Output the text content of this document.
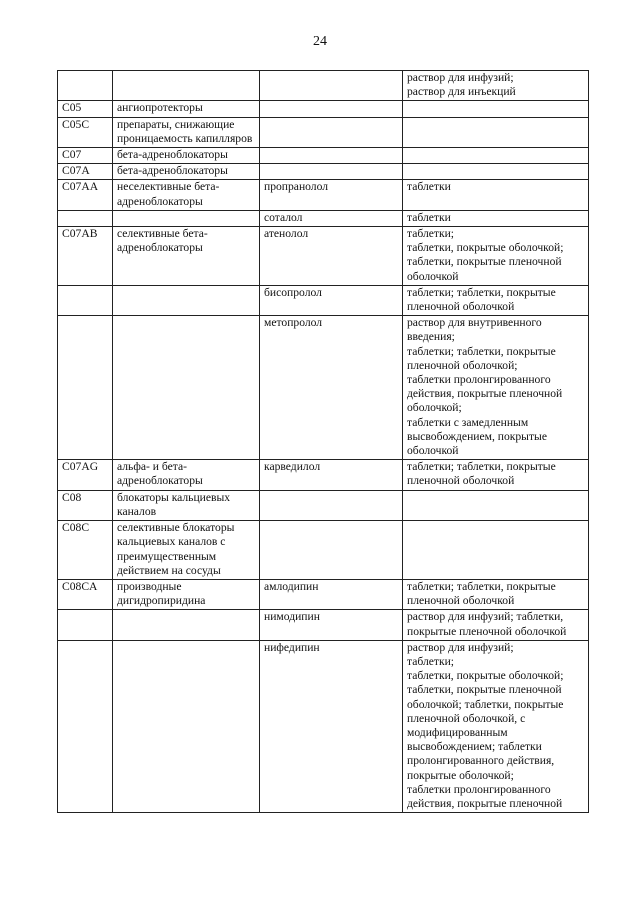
24

			раствор для инфузий;
раствор для инъекций

C05	ангиопротекторы		
C05C	препараты, снижающие проницаемость капилляров		
C07	бета-адреноблокаторы		
C07A	бета-адреноблокаторы		
C07AA	неселективные бета-адреноблокаторы	пропранолол	таблетки

		соталол	таблетки

C07AB	селективные бета-адреноблокаторы	атенолол	таблетки;
таблетки, покрытые оболочкой;
таблетки, покрытые пленочной оболочкой

		бисопролол	таблетки; таблетки, покрытые пленочной оболочкой

		метопролол	раствор для внутривенного введения;
таблетки; таблетки, покрытые пленочной оболочкой;
таблетки пролонгированного действия, покрытые пленочной оболочкой;
таблетки с замедленным высвобождением, покрытые оболочкой

C07AG	альфа- и бета-адреноблокаторы	карведилол	таблетки; таблетки, покрытые пленочной оболочкой

C08	блокаторы кальциевых каналов		
C08C	селективные блокаторы кальциевых каналов с преимущественным действием на сосуды		
C08CA	производные дигидропиридина	амлодипин	таблетки; таблетки, покрытые пленочной оболочкой

		нимодипин	раствор для инфузий; таблетки, покрытые пленочной оболочкой

		нифедипин	раствор для инфузий;
таблетки;
таблетки, покрытые оболочкой;
таблетки, покрытые пленочной оболочкой; таблетки, покрытые пленочной оболочкой, с модифицированным высвобождением; таблетки пролонгированного действия, покрытые оболочкой;
таблетки пролонгированного действия, покрытые пленочной
